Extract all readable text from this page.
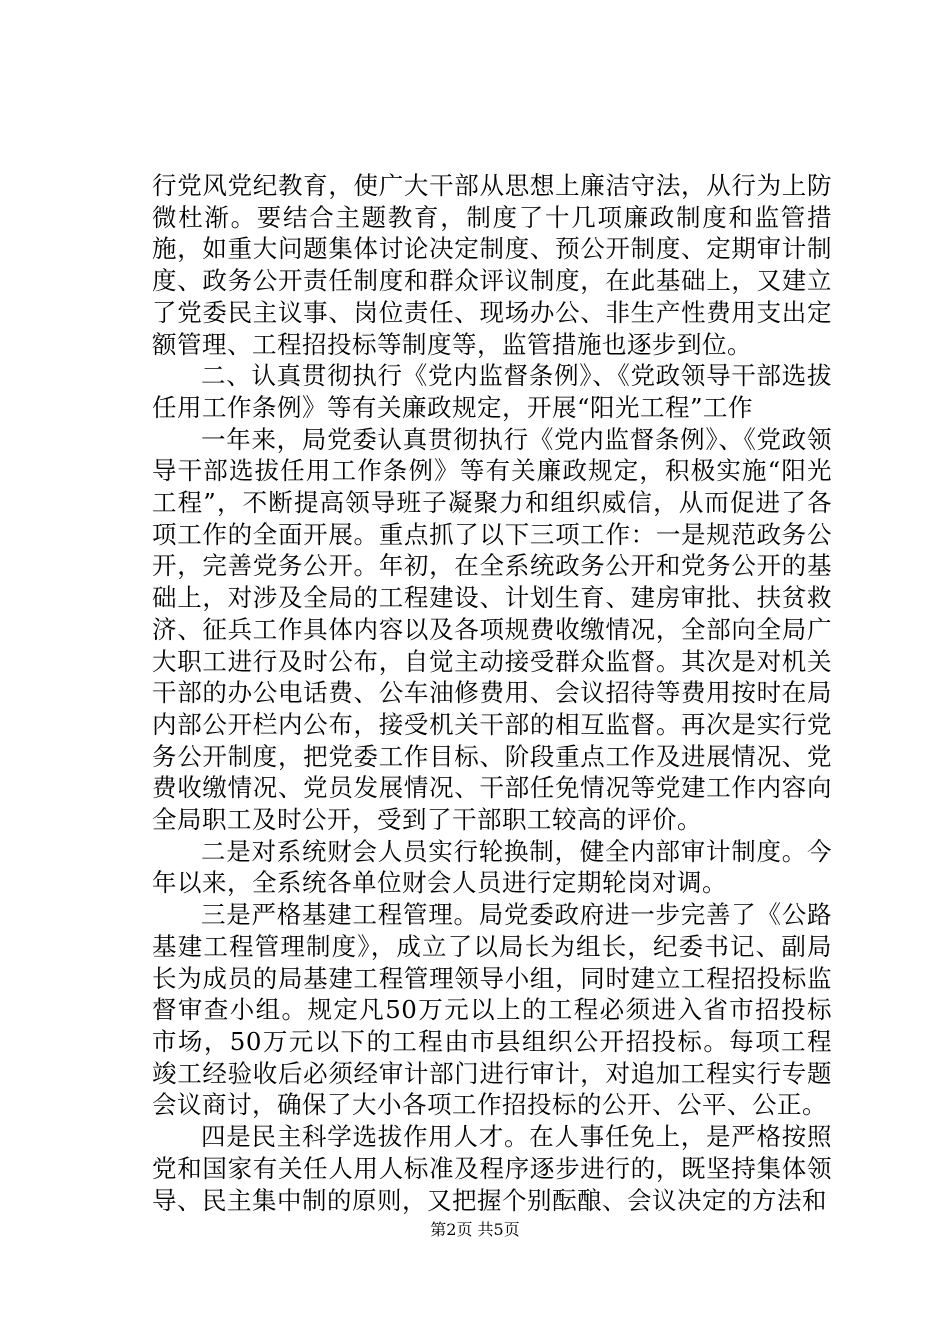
行党风党纪教育，使广大干部从思想上廉洁守法，从行为上防微杜渐。要结合主题教育，制度了十几项廉政制度和监管措施，如重大问题集体讨论决定制度、预公开制度、定期审计制度、政务公开责任制度和群众评议制度，在此基础上，又建立了党委民主议事、岗位责任、现场办公、非生产性费用支出定额管理、工程招投标等制度等，监管措施也逐步到位。

二、认真贯彻执行《党内监督条例》、《党政领导干部选拔任用工作条例》等有关廉政规定，开展“阳光工程”工作

一年来，局党委认真贯彻执行《党内监督条例》、《党政领导干部选拔任用工作条例》等有关廉政规定，积极实施“阳光工程”，不断提高领导班子凝聚力和组织威信，从而促进了各项工作的全面开展。重点抓了以下三项工作：一是规范政务公开，完善党务公开。年初，在全系统政务公开和党务公开的基础上，对涉及全局的工程建设、计划生育、建房审批、扶贫救济、征兵工作具体内容以及各项规费收缴情况，全部向全局广大职工进行及时公布，自觉主动接受群众监督。其次是对机关干部的办公电话费、公车油修费用、会议招待等费用按时在局内部公开栏内公布，接受机关干部的相互监督。再次是实行党务公开制度，把党委工作目标、阶段重点工作及进展情况、党费收缴情况、党员发展情况、干部任免情况等党建工作内容向全局职工及时公开，受到了干部职工较高的评价。

二是对系统财会人员实行轮换制，健全内部审计制度。今年以来，全系统各单位财会人员进行定期轮岗对调。

三是严格基建工程管理。局党委政府进一步完善了《公路基建工程管理制度》，成立了以局长为组长，纪委书记、副局长为成员的局基建工程管理领导小组，同时建立工程招投标监督审查小组。规定凡50万元以上的工程必须进入省市招投标市场，50万元以下的工程由市县组织公开招投标。每项工程竣工经验收后必须经审计部门进行审计，对追加工程实行专题会议商讨，确保了大小各项工作招投标的公开、公平、公正。

四是民主科学选拔作用人才。在人事任免上，是严格按照党和国家有关任人用人标准及程序逐步进行的，既坚持集体领导、民主集中制的原则，又把握个别酝酿、会议决定的方法和

第2页 共5页
